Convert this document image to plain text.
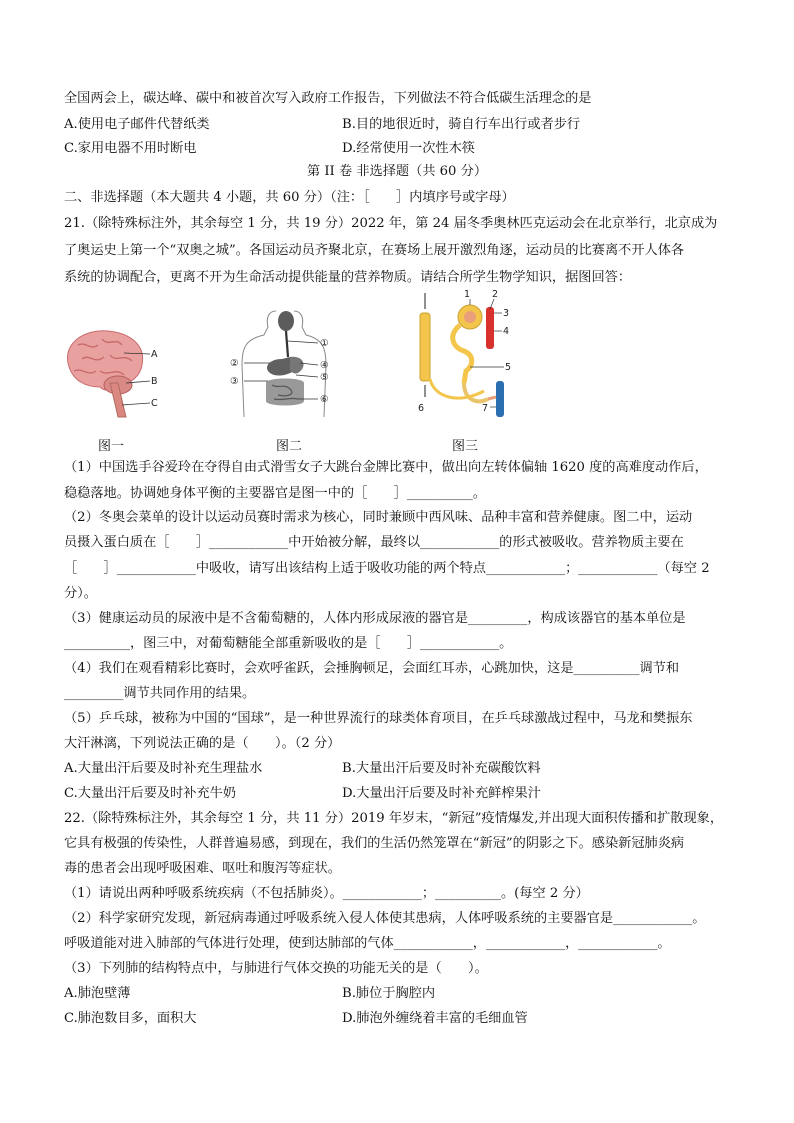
全国两会上，碳达峰、碳中和被首次写入政府工作报告，下列做法不符合低碳生活理念的是
A.使用电子邮件代替纸类	B.目的地很近时，骑自行车出行或者步行
C.家用电器不用时断电	D.经常使用一次性木筷
第 II 卷 非选择题（共 60 分）
二、非选择题（本大题共 4 小题，共 60 分）（注：［　　］内填序号或字母）
21.（除特殊标注外，其余每空 1 分，共 19 分）2022 年，第 24 届冬季奥林匹克运动会在北京举行，北京成为
了奥运史上第一个“双奥之城”。各国运动员齐聚北京，在赛场上展开激烈角逐，运动员的比赛离不开人体各
系统的协调配合，更离不开为生命活动提供能量的营养物质。请结合所学生物学知识，据图回答：
A
B
C
①
②
③
④
⑤
⑥
1 2
3
4
5
6	7
图一	图二	图三
（1）中国选手谷爱玲在夺得自由式滑雪女子大跳台金牌比赛中，做出向左转体偏轴 1620 度的高难度动作后，
稳稳落地。协调她身体平衡的主要器官是图一中的［　　］__________。
（2）冬奥会菜单的设计以运动员赛时需求为核心，同时兼顾中西风味、品种丰富和营养健康。图二中，运动
员摄入蛋白质在［　　］____________中开始被分解，最终以____________的形式被吸收。营养物质主要在
［　　］____________中吸收，请写出该结构上适于吸收功能的两个特点____________；____________（每空 2
分）。
（3）健康运动员的尿液中是不含葡萄糖的，人体内形成尿液的器官是_________，构成该器官的基本单位是
__________，图三中，对葡萄糖能全部重新吸收的是［　　］____________。
（4）我们在观看精彩比赛时，会欢呼雀跃，会捶胸顿足，会面红耳赤，心跳加快，这是__________调节和
_________调节共同作用的结果。
（5）乒乓球，被称为中国的“国球”，是一种世界流行的球类体育项目，在乒乓球激战过程中，马龙和樊振东
大汗淋漓，下列说法正确的是（　　）。（2 分）
A.大量出汗后要及时补充生理盐水	B.大量出汗后要及时补充碳酸饮料
C.大量出汗后要及时补充牛奶	D.大量出汗后要及时补充鲜榨果汁
22.（除特殊标注外，其余每空 1 分，共 11 分）2019 年岁末，“新冠”疫情爆发,并出现大面积传播和扩散现象，
它具有极强的传染性，人群普遍易感，到现在，我们的生活仍然笼罩在“新冠”的阴影之下。感染新冠肺炎病
毒的患者会出现呼吸困难、呕吐和腹泻等症状。
（1）请说出两种呼吸系统疾病（不包括肺炎）。____________；__________。(每空 2 分）
（2）科学家研究发现，新冠病毒通过呼吸系统入侵人体使其患病，人体呼吸系统的主要器官是____________。
呼吸道能对进入肺部的气体进行处理，使到达肺部的气体____________，____________，____________。
（3）下列肺的结构特点中，与肺进行气体交换的功能无关的是（　　）。
A.肺泡壁薄	B.肺位于胸腔内
C.肺泡数目多，面积大	D.肺泡外缠绕着丰富的毛细血管
